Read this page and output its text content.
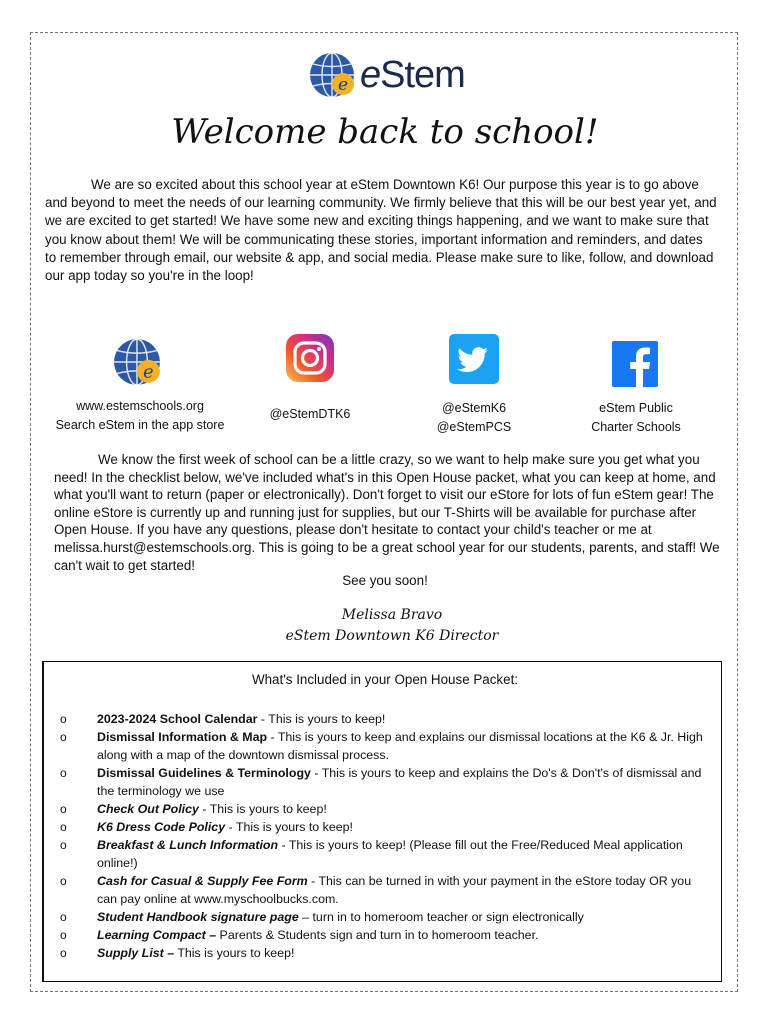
e eStem
Welcome back to school!

We are so excited about this school year at eStem Downtown K6! Our purpose this year is to go above and beyond to meet the needs of our learning community. We firmly believe that this will be our best year yet, and we are excited to get started! We have some new and exciting things happening, and we want to make sure that you know about them! We will be communicating these stories, important information and reminders, and dates to remember through email, our website & app, and social media. Please make sure to like, follow, and download our app today so you're in the loop!

e
www.estemschools.org
Search eStem in the app store
@eStemDTK6	@eStemK6
@eStemPCS
eStem Public
Charter Schools

We know the first week of school can be a little crazy, so we want to help make sure you get what you need! In the checklist below, we've included what's in this Open House packet, what you can keep at home, and what you'll want to return (paper or electronically). Don't forget to visit our eStore for lots of fun eStem gear! The online eStore is currently up and running just for supplies, but our T-Shirts will be available for purchase after Open House. If you have any questions, please don't hesitate to contact your child's teacher or me at melissa.hurst@estemschools.org. This is going to be a great school year for our students, parents, and staff! We can't wait to get started!

See you soon!
Melissa Bravo
eStem Downtown K6 Director
What's Included in your Open House Packet:
o 2023-2024 School Calendar - This is yours to keep!
o Dismissal Information & Map - This is yours to keep and explains our dismissal locations at the K6 & Jr. High along with a map of the downtown dismissal process.
o Dismissal Guidelines & Terminology - This is yours to keep and explains the Do's & Don't's of dismissal and the terminology we use
o Check Out Policy - This is yours to keep!
o K6 Dress Code Policy - This is yours to keep!
o Breakfast & Lunch Information - This is yours to keep! (Please fill out the Free/Reduced Meal application online!)
o Cash for Casual & Supply Fee Form - This can be turned in with your payment in the eStore today OR you can pay online at www.myschoolbucks.com.
o Student Handbook signature page – turn in to homeroom teacher or sign electronically
o Learning Compact – Parents & Students sign and turn in to homeroom teacher.
o Supply List – This is yours to keep!
